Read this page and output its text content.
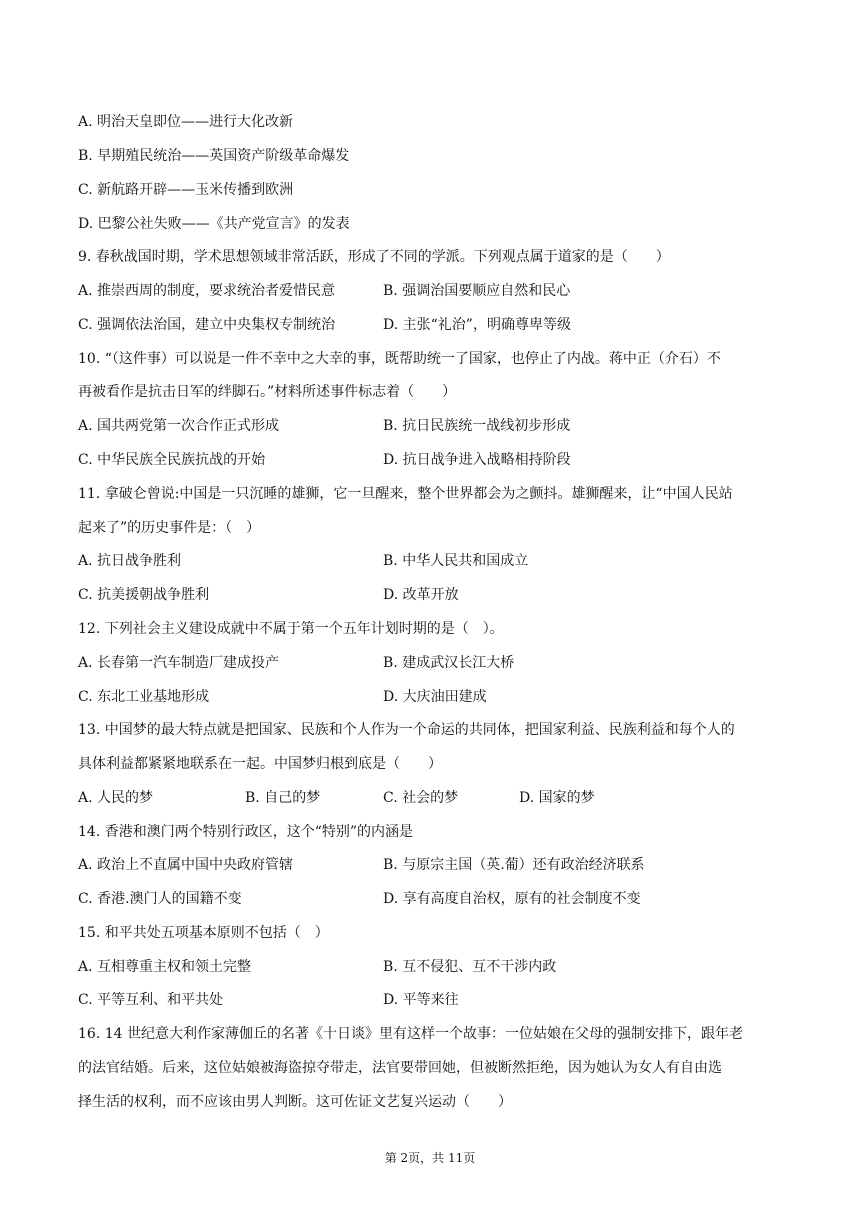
A. 明治天皇即位——进行大化改新
B. 早期殖民统治——英国资产阶级革命爆发
C. 新航路开辟——玉米传播到欧洲
D. 巴黎公社失败——《共产党宣言》的发表
9. 春秋战国时期，学术思想领域非常活跃，形成了不同的学派。下列观点属于道家的是（　　）
A. 推崇西周的制度，要求统治者爱惜民意	B. 强调治国要顺应自然和民心
C. 强调依法治国，建立中央集权专制统治	D. 主张“礼治”，明确尊卑等级
10. “（这件事）可以说是一件不幸中之大幸的事，既帮助统一了国家，也停止了内战。蒋中正（介石）不
再被看作是抗击日军的绊脚石。”材料所述事件标志着（　　）
A. 国共两党第一次合作正式形成	B. 抗日民族统一战线初步形成
C. 中华民族全民族抗战的开始	D. 抗日战争进入战略相持阶段
11. 拿破仑曾说:中国是一只沉睡的雄狮，它一旦醒来，整个世界都会为之颤抖。雄狮醒来，让“中国人民站
起来了”的历史事件是：（　）
A. 抗日战争胜利	B. 中华人民共和国成立
C. 抗美援朝战争胜利	D. 改革开放
12. 下列社会主义建设成就中不属于第一个五年计划时期的是（　）。
A. 长春第一汽车制造厂建成投产	B. 建成武汉长江大桥
C. 东北工业基地形成	D. 大庆油田建成
13. 中国梦的最大特点就是把国家、民族和个人作为一个命运的共同体，把国家利益、民族利益和每个人的
具体利益都紧紧地联系在一起。中国梦归根到底是（　　）
A. 人民的梦	B. 自己的梦	C. 社会的梦	D. 国家的梦
14. 香港和澳门两个特别行政区，这个“特别”的内涵是
A. 政治上不直属中国中央政府管辖	B. 与原宗主国（英.葡）还有政治经济联系
C. 香港.澳门人的国籍不变	D. 享有高度自治权，原有的社会制度不变
15. 和平共处五项基本原则不包括（　）
A. 互相尊重主权和领土完整	B. 互不侵犯、互不干涉内政
C. 平等互利、和平共处	D. 平等来往
16. 14 世纪意大利作家薄伽丘的名著《十日谈》里有这样一个故事：一位姑娘在父母的强制安排下，跟年老
的法官结婚。后来，这位姑娘被海盗掠夺带走，法官要带回她，但被断然拒绝，因为她认为女人有自由选
择生活的权利，而不应该由男人判断。这可佐证文艺复兴运动（　　）
第 2页，共 11页
